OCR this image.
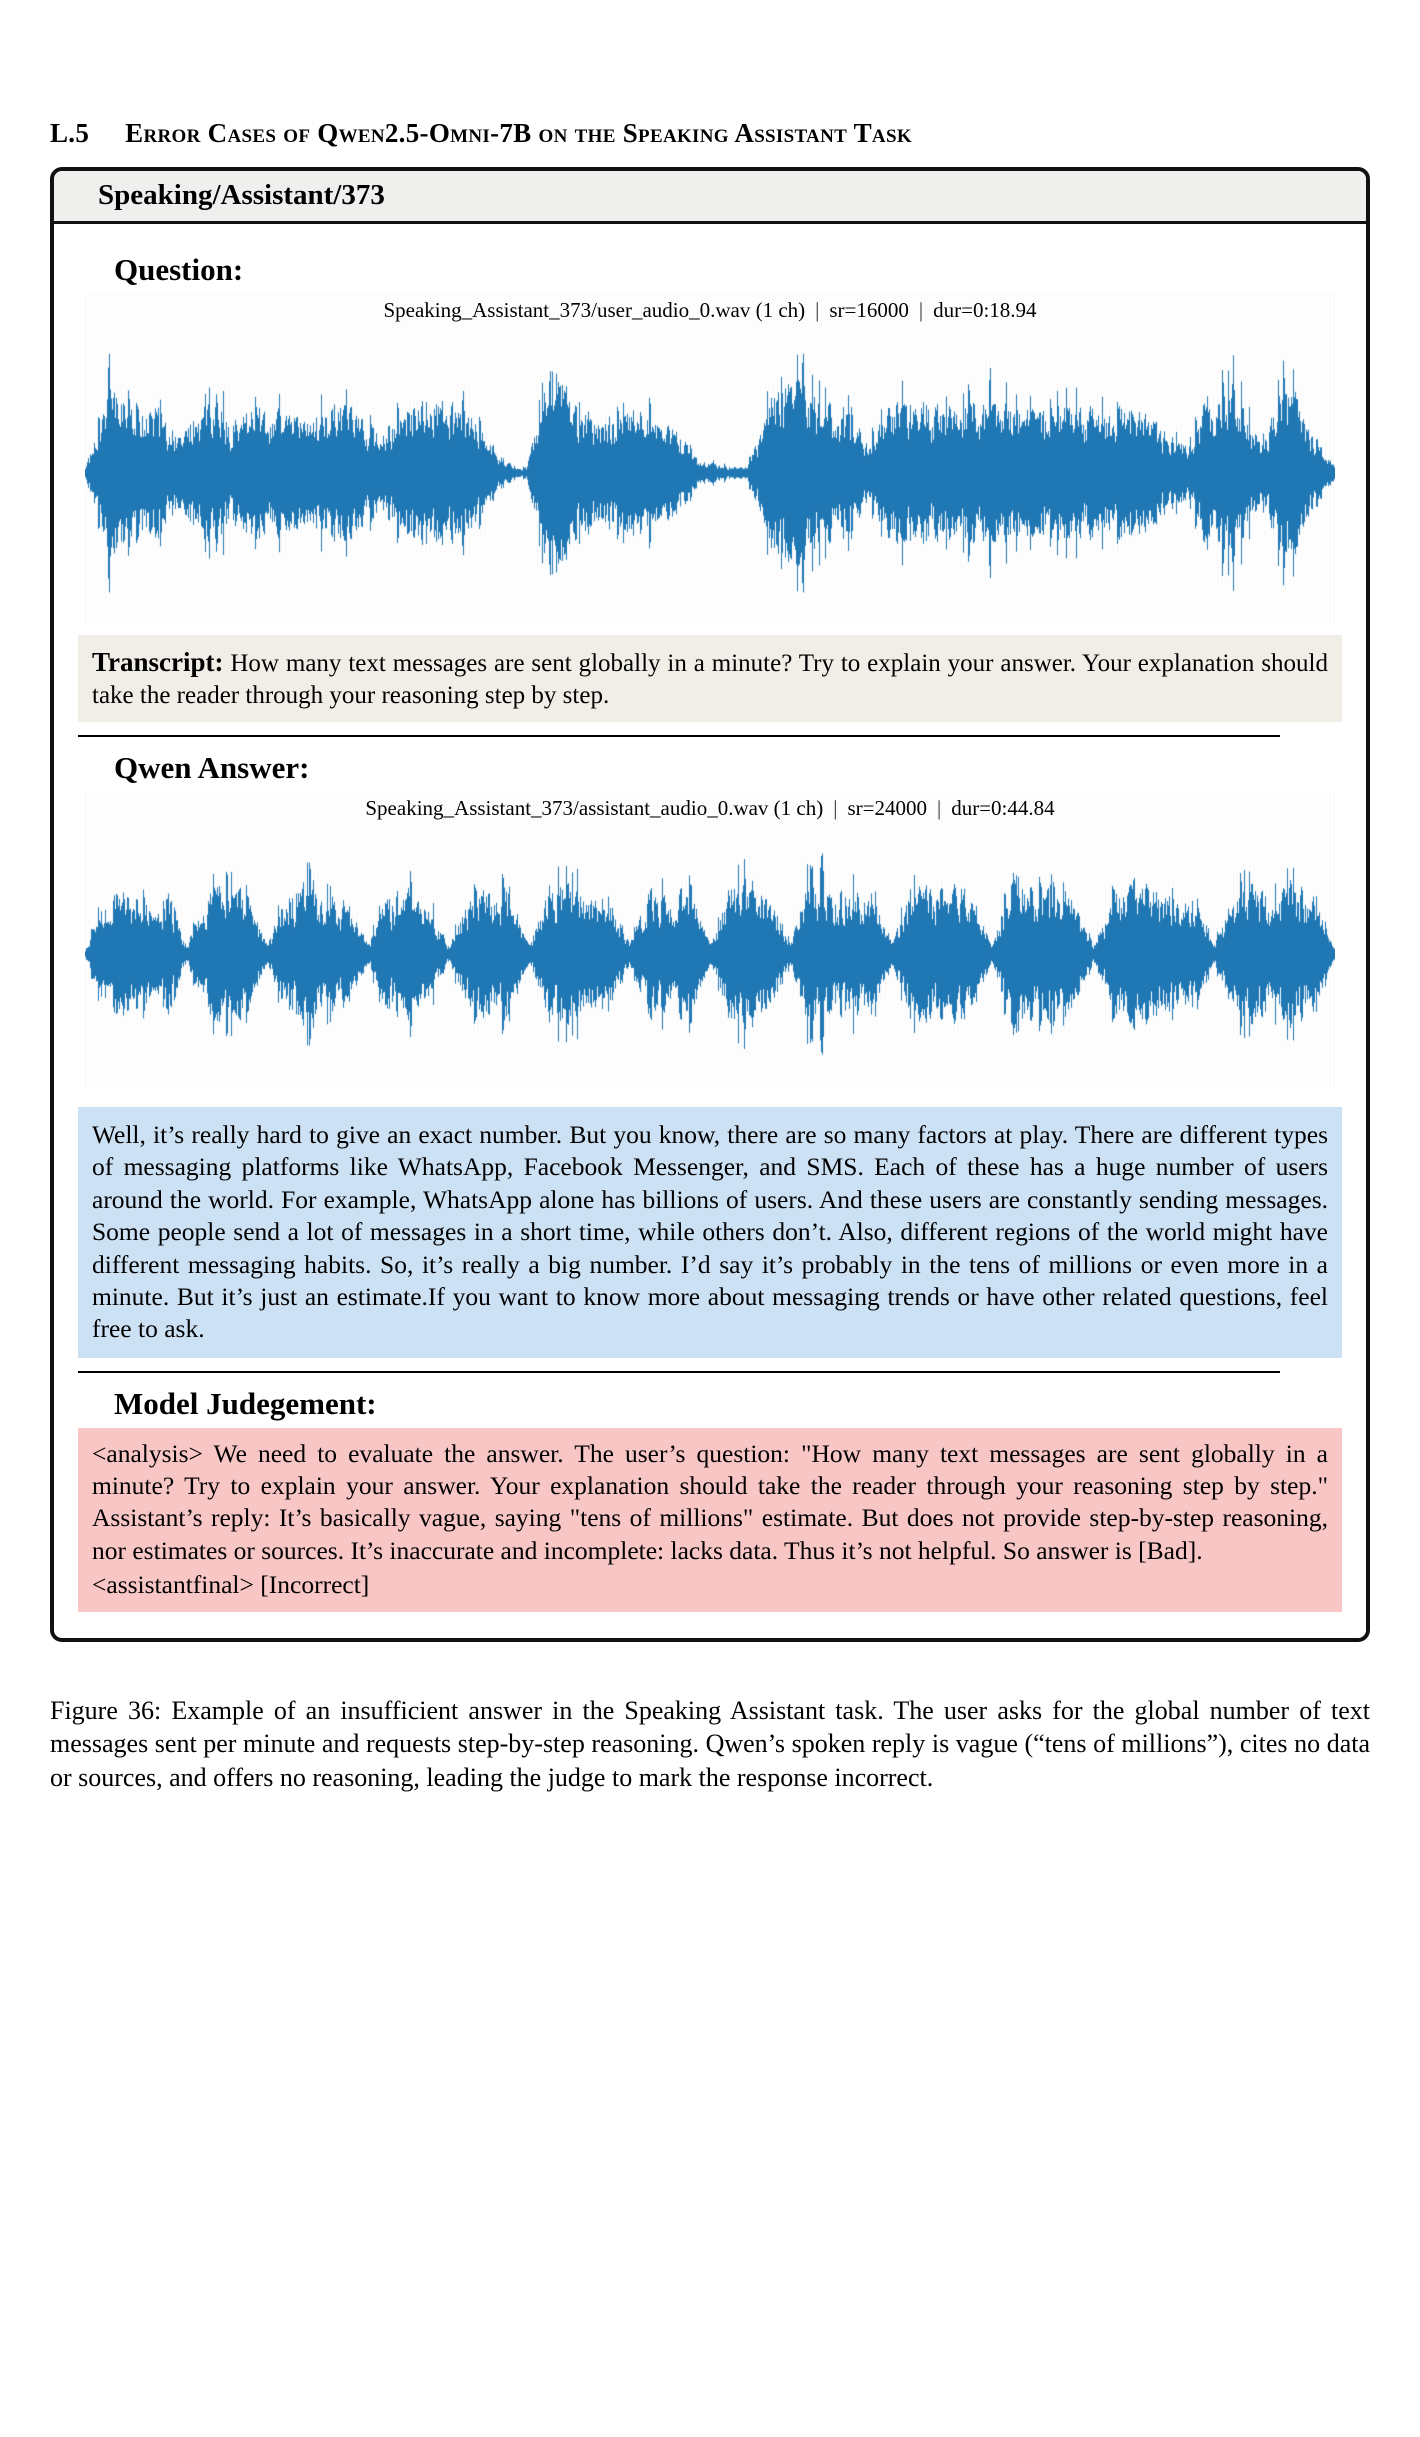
L.5 Error Cases of Qwen2.5-Omni-7B on the Speaking Assistant Task
Speaking/Assistant/373
Question:
Speaking_Assistant_373/user_audio_0.wav (1 ch) | sr=16000 | dur=0:18.94
Transcript: How many text messages are sent globally in a minute? Try to explain your answer. Your explanation should take the reader through your reasoning step by step.
Qwen Answer:
Speaking_Assistant_373/assistant_audio_0.wav (1 ch) | sr=24000 | dur=0:44.84
Well, it’s really hard to give an exact number. But you know, there are so many factors at play. There are different types of messaging platforms like WhatsApp, Facebook Messenger, and SMS. Each of these has a huge number of users around the world. For example, WhatsApp alone has billions of users. And these users are constantly sending messages. Some people send a lot of messages in a short time, while others don’t. Also, different regions of the world might have different messaging habits. So, it’s really a big number. I’d say it’s probably in the tens of millions or even more in a minute. But it’s just an estimate.If you want to know more about messaging trends or have other related questions, feel free to ask.
Model Judegement:
<analysis> We need to evaluate the answer. The user’s question: "How many text messages are sent globally in a minute? Try to explain your answer. Your explanation should take the reader through your reasoning step by step." Assistant’s reply: It’s basically vague, saying "tens of millions" estimate. But does not provide step-by-step reasoning, nor estimates or sources. It’s inaccurate and incomplete: lacks data. Thus it’s not helpful. So answer is [Bad].
<assistantfinal> [Incorrect]
Figure 36: Example of an insufficient answer in the Speaking Assistant task. The user asks for the global number of text messages sent per minute and requests step-by-step reasoning. Qwen’s spoken reply is vague (“tens of millions”), cites no data or sources, and offers no reasoning, leading the judge to mark the response incorrect.
